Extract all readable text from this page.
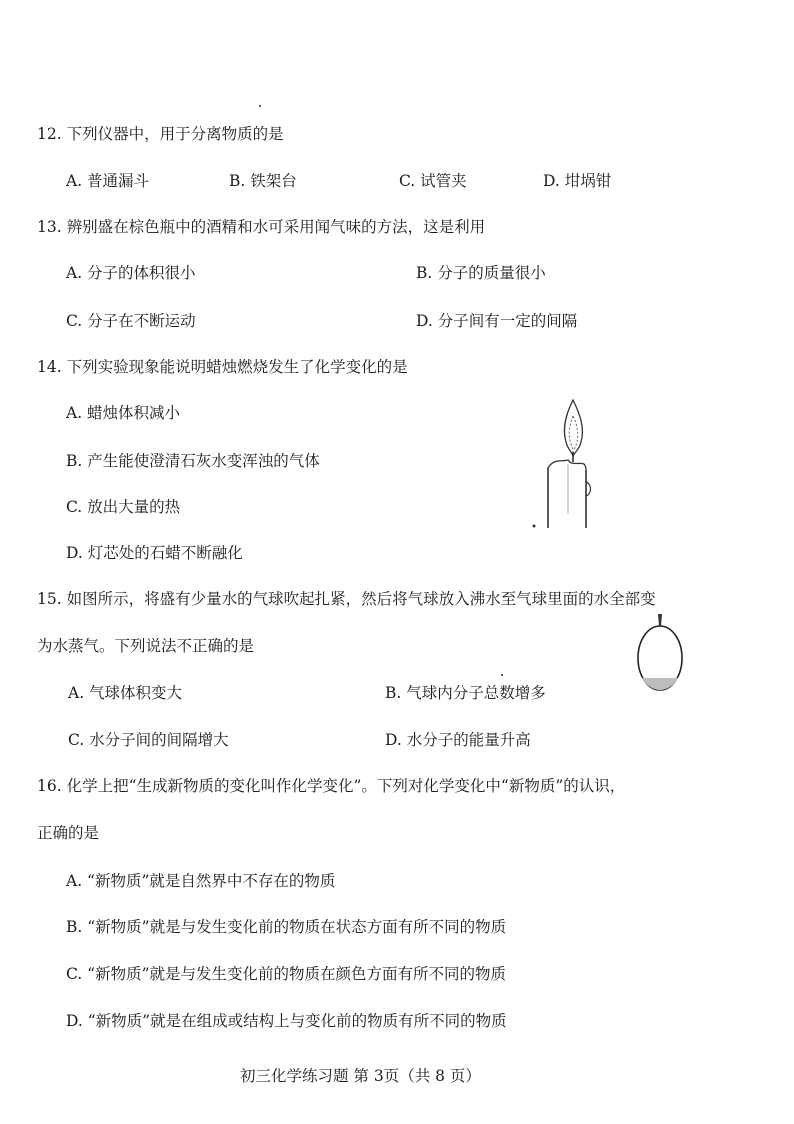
12. 下列仪器中，用于分离物质的是
A. 普通漏斗	B. 铁架台	C. 试管夹	D. 坩埚钳
13. 辨别盛在棕色瓶中的酒精和水可采用闻气味的方法，这是利用
A. 分子的体积很小	B. 分子的质量很小
C. 分子在不断运动	D. 分子间有一定的间隔
14. 下列实验现象能说明蜡烛燃烧发生了化学变化的是
A. 蜡烛体积减小
B. 产生能使澄清石灰水变浑浊的气体
C. 放出大量的热
D. 灯芯处的石蜡不断融化
15. 如图所示，将盛有少量水的气球吹起扎紧，然后将气球放入沸水至气球里面的水全部变
为水蒸气。下列说法不正确的是
A. 气球体积变大	B. 气球内分子总数增多
C. 水分子间的间隔增大	D. 水分子的能量升高
16. 化学上把“生成新物质的变化叫作化学变化”。下列对化学变化中“新物质”的认识，
正确的是
A. “新物质”就是自然界中不存在的物质
B. “新物质”就是与发生变化前的物质在状态方面有所不同的物质
C. “新物质”就是与发生变化前的物质在颜色方面有所不同的物质
D. “新物质”就是在组成或结构上与变化前的物质有所不同的物质
初三化学练习题 第 3页（共 8 页）
